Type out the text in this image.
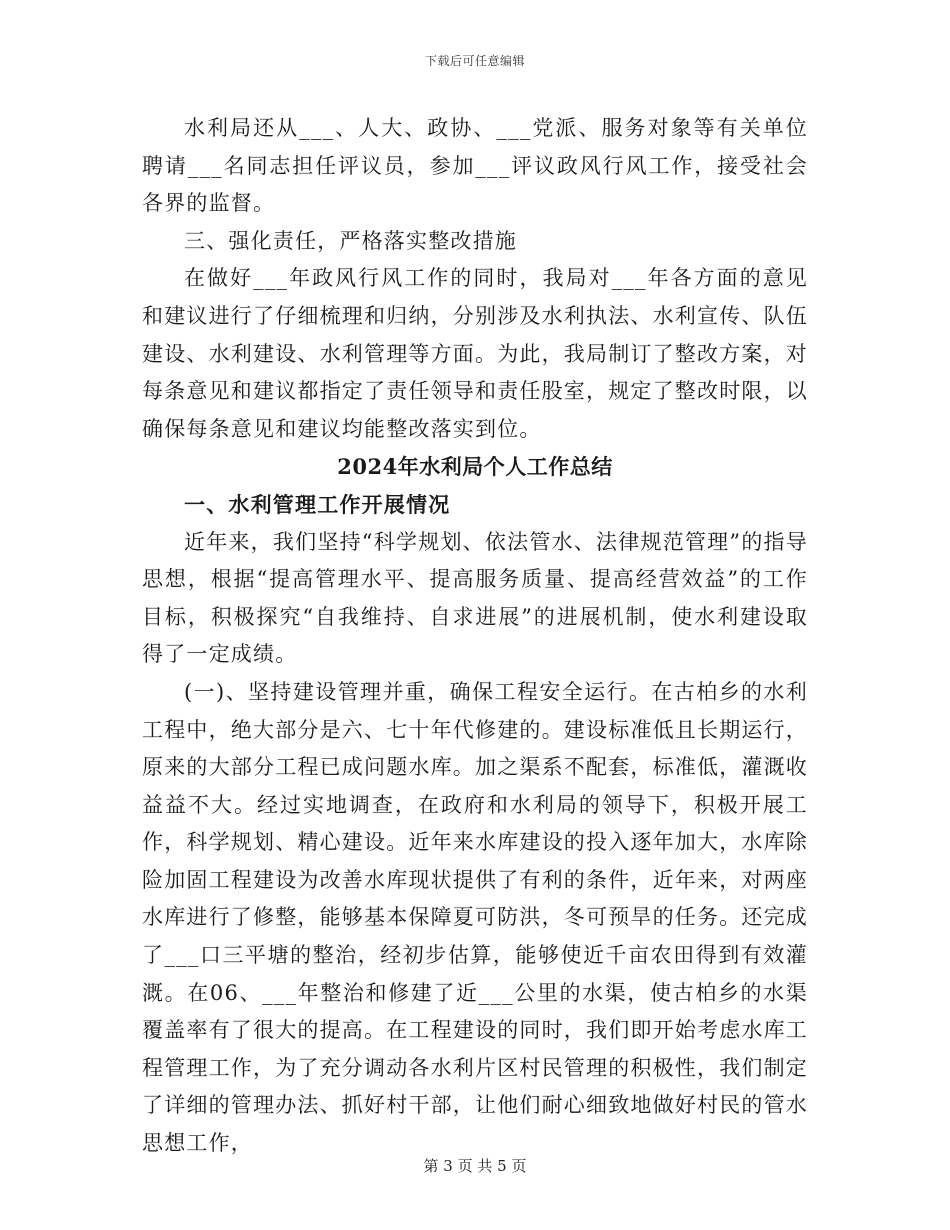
下载后可任意编辑

水利局还从___、人大、政协、___党派、服务对象等有关单位聘请___名同志担任评议员，参加___评议政风行风工作，接受社会各界的监督。

三、强化责任，严格落实整改措施

在做好___年政风行风工作的同时，我局对___年各方面的意见和建议进行了仔细梳理和归纳，分别涉及水利执法、水利宣传、队伍建设、水利建设、水利管理等方面。为此，我局制订了整改方案，对每条意见和建议都指定了责任领导和责任股室，规定了整改时限，以确保每条意见和建议均能整改落实到位。

2024年水利局个人工作总结

一、水利管理工作开展情况

近年来，我们坚持“科学规划、依法管水、法律规范管理”的指导思想，根据“提高管理水平、提高服务质量、提高经营效益”的工作目标，积极探究“自我维持、自求进展”的进展机制，使水利建设取得了一定成绩。

(一)、坚持建设管理并重，确保工程安全运行。在古柏乡的水利工程中，绝大部分是六、七十年代修建的。建设标准低且长期运行，原来的大部分工程已成问题水库。加之渠系不配套，标准低，灌溉收益益不大。经过实地调查，在政府和水利局的领导下，积极开展工作，科学规划、精心建设。近年来水库建设的投入逐年加大，水库除险加固工程建设为改善水库现状提供了有利的条件，近年来，对两座水库进行了修整，能够基本保障夏可防洪，冬可预旱的任务。还完成了___口三平塘的整治，经初步估算，能够使近千亩农田得到有效灌溉。在06、___年整治和修建了近___公里的水渠，使古柏乡的水渠覆盖率有了很大的提高。在工程建设的同时，我们即开始考虑水库工程管理工作，为了充分调动各水利片区村民管理的积极性，我们制定了详细的管理办法、抓好村干部，让他们耐心细致地做好村民的管水思想工作，

第 3 页 共 5 页
